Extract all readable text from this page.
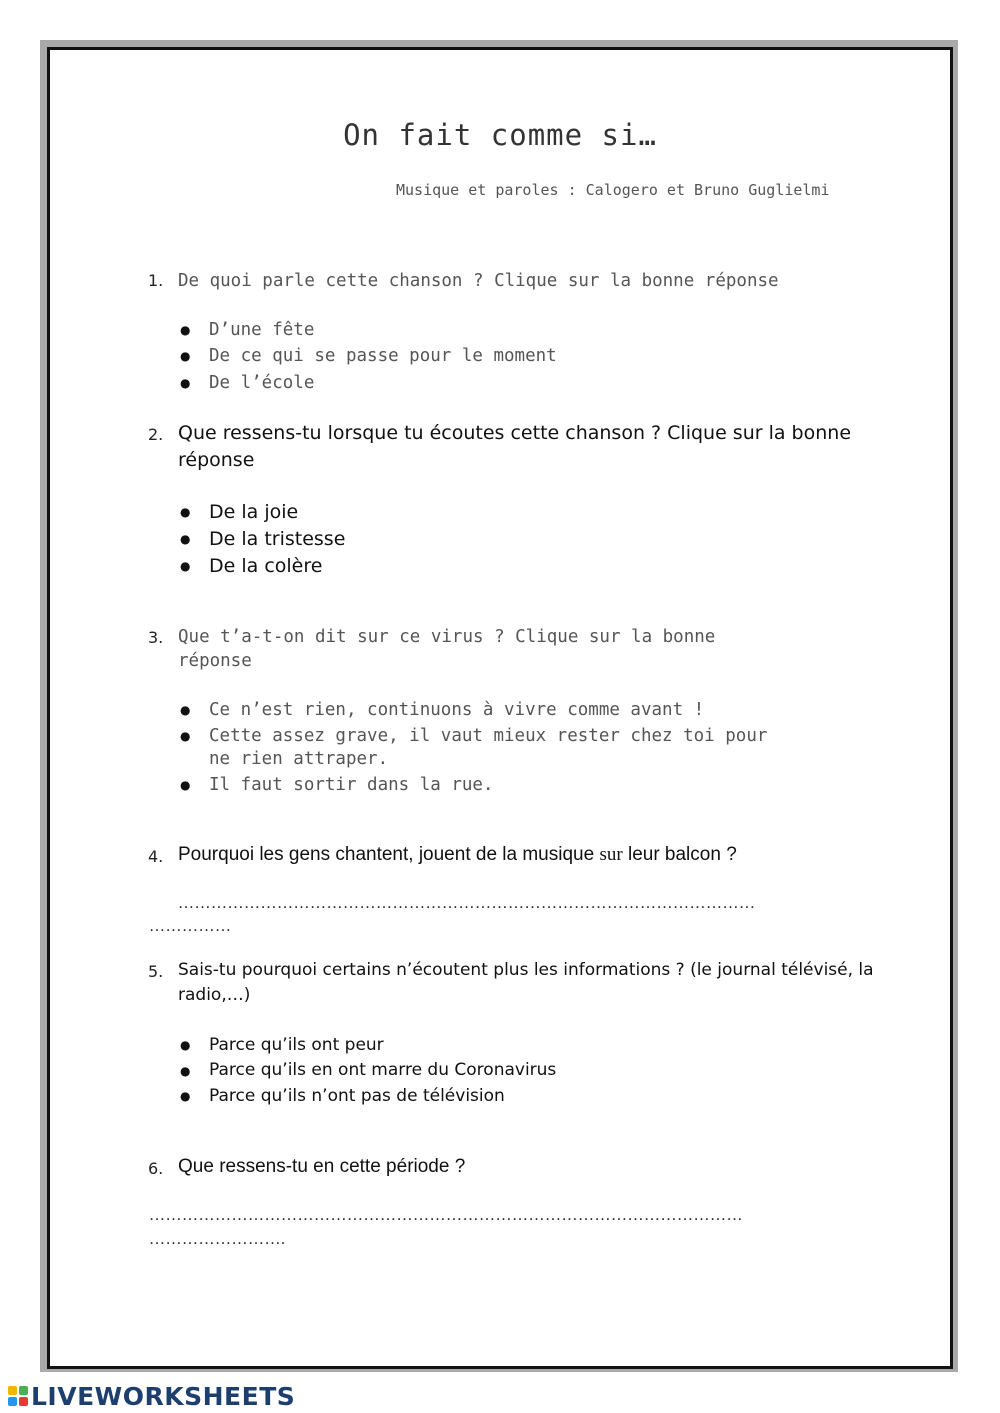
On fait comme si…
Musique et paroles : Calogero et Bruno Guglielmi
1. De quoi parle cette chanson ? Clique sur la bonne réponse
● D’une fête
● De ce qui se passe pour le moment
● De l’école
2. Que ressens-tu lorsque tu écoutes cette chanson ? Clique sur la bonne
réponse
● De la joie
● De la tristesse
● De la colère
3. Que t’a-t-on dit sur ce virus ? Clique sur la bonne
réponse
● Ce n’est rien, continuons à vivre comme avant !
● Cette assez grave, il vaut mieux rester chez toi pour
ne rien attraper.
● Il faut sortir dans la rue.
4. Pourquoi les gens chantent, jouent de la musique sur leur balcon ?
……………………………………………………………………………………………
……………
5. Sais-tu pourquoi certains n’écoutent plus les informations ? (le journal télévisé, la
radio,…)
● Parce qu’ils ont peur
● Parce qu’ils en ont marre du Coronavirus
● Parce qu’ils n’ont pas de télévision
6. Que ressens-tu en cette période ?
………………………………………………………………………………………………
…………………….
LIVEWORKSHEETS
